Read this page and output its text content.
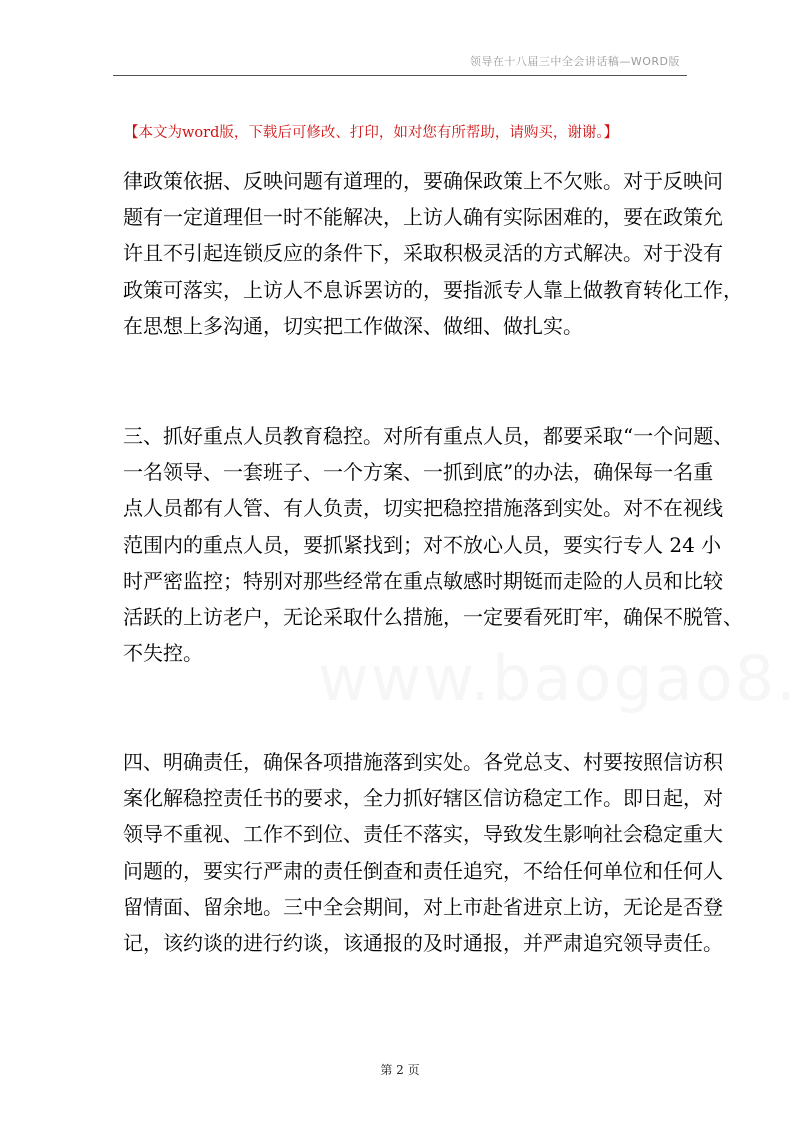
领导在十八届三中全会讲话稿—WORD版
【本文为word版，下载后可修改、打印，如对您有所帮助，请购买，谢谢。】
律政策依据、反映问题有道理的，要确保政策上不欠账。对于反映问
题有一定道理但一时不能解决，上访人确有实际困难的，要在政策允
许且不引起连锁反应的条件下，采取积极灵活的方式解决。对于没有
政策可落实，上访人不息诉罢访的，要指派专人靠上做教育转化工作，
在思想上多沟通，切实把工作做深、做细、做扎实。
三、抓好重点人员教育稳控。对所有重点人员，都要采取“一个问题、
一名领导、一套班子、一个方案、一抓到底”的办法，确保每一名重
点人员都有人管、有人负责，切实把稳控措施落到实处。对不在视线
范围内的重点人员，要抓紧找到；对不放心人员，要实行专人 24 小
时严密监控；特别对那些经常在重点敏感时期铤而走险的人员和比较
活跃的上访老户，无论采取什么措施，一定要看死盯牢，确保不脱管、
不失控。
四、明确责任，确保各项措施落到实处。各党总支、村要按照信访积
案化解稳控责任书的要求，全力抓好辖区信访稳定工作。即日起，对
领导不重视、工作不到位、责任不落实，导致发生影响社会稳定重大
问题的，要实行严肃的责任倒查和责任追究，不给任何单位和任何人
留情面、留余地。三中全会期间，对上市赴省进京上访，无论是否登
记，该约谈的进行约谈，该通报的及时通报，并严肃追究领导责任。
第 2 页
